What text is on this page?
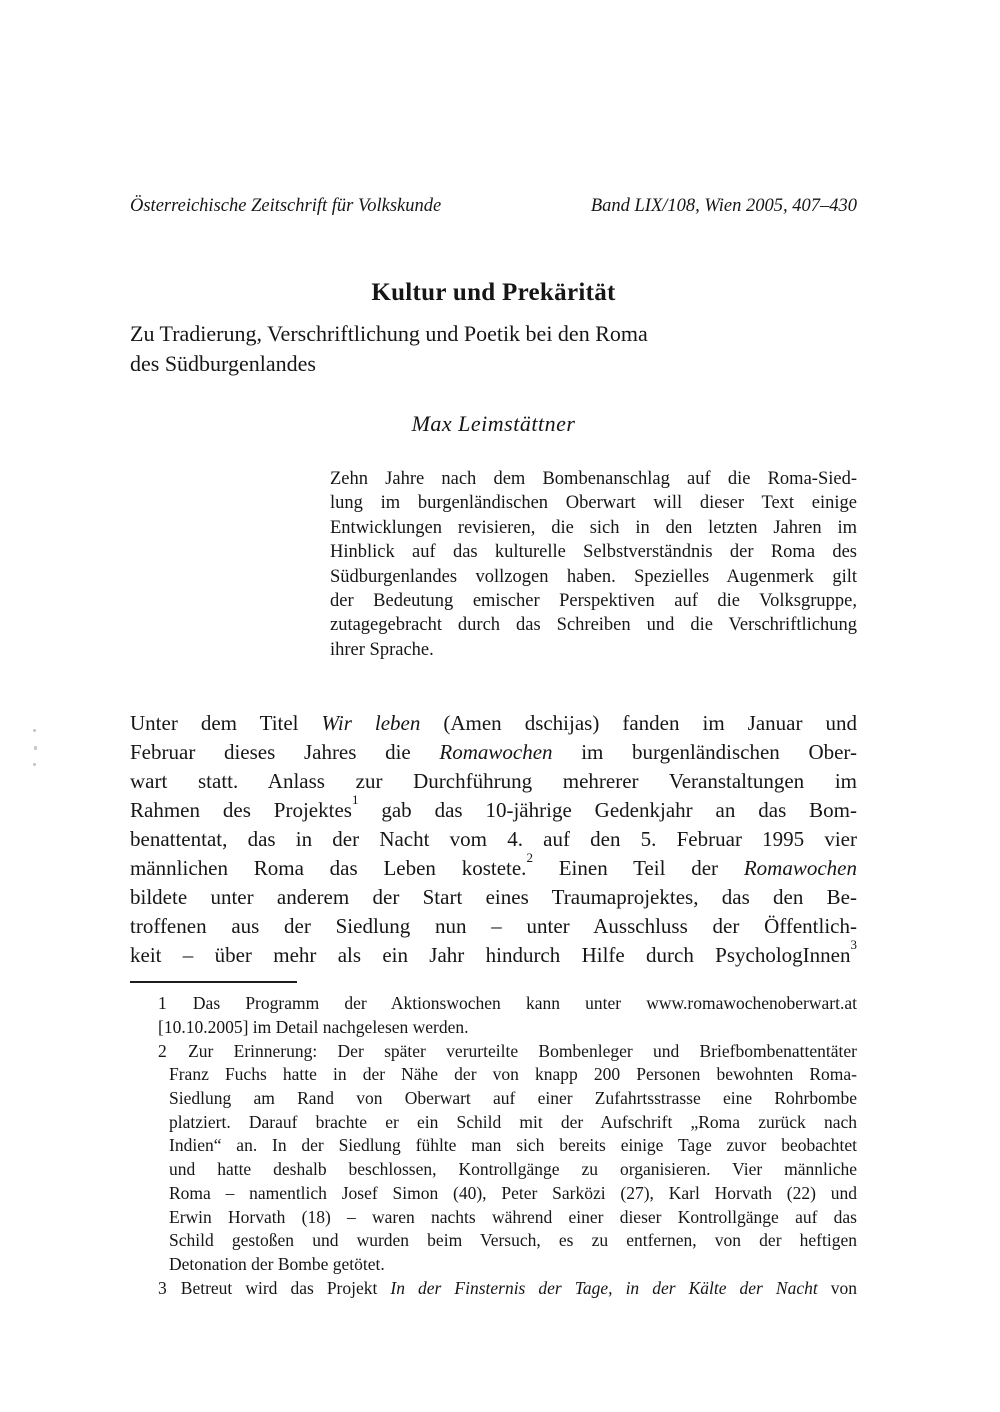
Österreichische Zeitschrift für Volkskunde	Band LIX/108, Wien 2005, 407–430
Kultur und Prekärität
Zu Tradierung, Verschriftlichung und Poetik bei den Roma
des Südburgenlandes
Max Leimstättner
Zehn Jahre nach dem Bombenanschlag auf die Roma-Sied-
lung im burgenländischen Oberwart will dieser Text einige
Entwicklungen revisieren, die sich in den letzten Jahren im
Hinblick auf das kulturelle Selbstverständnis der Roma des
Südburgenlandes vollzogen haben. Spezielles Augenmerk gilt
der Bedeutung emischer Perspektiven auf die Volksgruppe,
zutagegebracht durch das Schreiben und die Verschriftlichung
ihrer Sprache.
Unter dem Titel Wir leben (Amen dschijas) fanden im Januar und
Februar dieses Jahres die Romawochen im burgenländischen Ober-
wart statt. Anlass zur Durchführung mehrerer Veranstaltungen im
Rahmen des Projektes$^1$ gab das 10-jährige Gedenkjahr an das Bom-
benattentat, das in der Nacht vom 4. auf den 5. Februar 1995 vier
männlichen Roma das Leben kostete.$^2$ Einen Teil der Romawochen
bildete unter anderem der Start eines Traumaprojektes, das den Be-
troffenen aus der Siedlung nun – unter Ausschluss der Öffentlich-
keit – über mehr als ein Jahr hindurch Hilfe durch PsychologInnen$^3$
1 Das Programm der Aktionswochen kann unter www.romawochenoberwart.at
[10.10.2005] im Detail nachgelesen werden.
2 Zur Erinnerung: Der später verurteilte Bombenleger und Briefbombenattentäter
Franz Fuchs hatte in der Nähe der von knapp 200 Personen bewohnten Roma-
Siedlung am Rand von Oberwart auf einer Zufahrtsstrasse eine Rohrbombe
platziert. Darauf brachte er ein Schild mit der Aufschrift „Roma zurück nach
Indien“ an. In der Siedlung fühlte man sich bereits einige Tage zuvor beobachtet
und hatte deshalb beschlossen, Kontrollgänge zu organisieren. Vier männliche
Roma – namentlich Josef Simon (40), Peter Sarközi (27), Karl Horvath (22) und
Erwin Horvath (18) – waren nachts während einer dieser Kontrollgänge auf das
Schild gestoßen und wurden beim Versuch, es zu entfernen, von der heftigen
Detonation der Bombe getötet.
3 Betreut wird das Projekt In der Finsternis der Tage, in der Kälte der Nacht von
